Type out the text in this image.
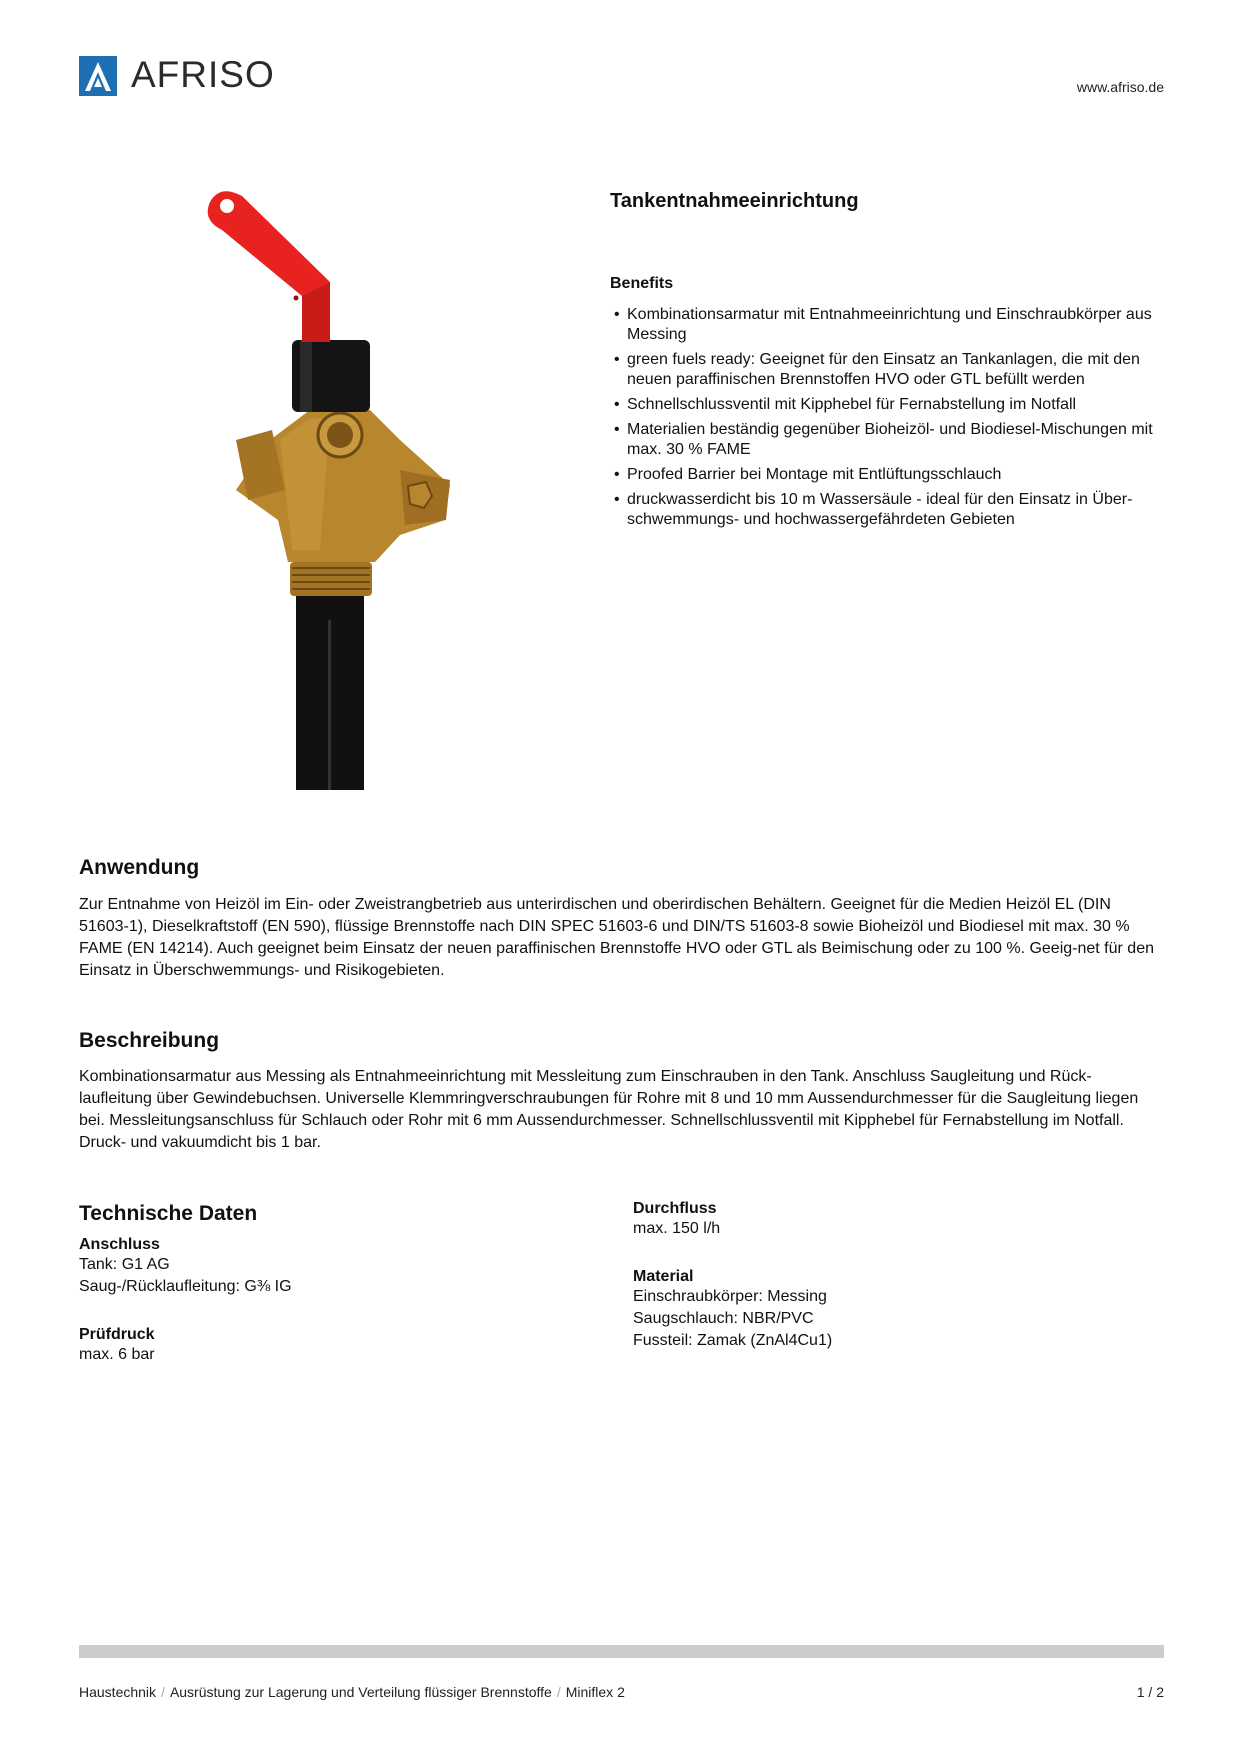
AFRISO	www.afriso.de
Tankentnahmeeinrichtung
Benefits
• Kombinationsarmatur mit Entnahmeeinrichtung und Einschraubkörper aus Messing
• green fuels ready: Geeignet für den Einsatz an Tankanlagen, die mit den neuen paraffinischen Brennstoffen HVO oder GTL befüllt werden
• Schnellschlussventil mit Kipphebel für Fernabstellung im Notfall
• Materialien beständig gegenüber Bioheizöl- und Biodiesel-Mischungen mit max. 30 % FAME
• Proofed Barrier bei Montage mit Entlüftungsschlauch
• druckwasserdicht bis 10 m Wassersäule - ideal für den Einsatz in Über-schwemmungs- und hochwassergefährdeten Gebieten
Anwendung

Zur Entnahme von Heizöl im Ein- oder Zweistrangbetrieb aus unterirdischen und oberirdischen Behältern. Geeignet für die Medien Heizöl EL (DIN 51603-1), Dieselkraftstoff (EN 590), flüssige Brennstoffe nach DIN SPEC 51603-6 und DIN/TS 51603-8 sowie Bioheizöl und Biodiesel mit max. 30 % FAME (EN 14214). Auch geeignet beim Einsatz der neuen paraffinischen Brennstoffe HVO oder GTL als Beimischung oder zu 100 %. Geeig-net für den Einsatz in Überschwemmungs- und Risikogebieten.

Beschreibung

Kombinationsarmatur aus Messing als Entnahmeeinrichtung mit Messleitung zum Einschrauben in den Tank. Anschluss Saugleitung und Rück-laufleitung über Gewindebuchsen. Universelle Klemmringverschraubungen für Rohre mit 8 und 10 mm Aussendurchmesser für die Saugleitung liegen bei. Messleitungsanschluss für Schlauch oder Rohr mit 6 mm Aussendurchmesser. Schnellschlussventil mit Kipphebel für Fernabstellung im Notfall. Druck- und vakuumdicht bis 1 bar.

Technische Daten
Anschluss
Tank: G1 AG
Saug-/Rücklaufleitung: G⅜ IG
Prüfdruck
max. 6 bar
Durchfluss
max. 150 l/h
Material
Einschraubkörper: Messing
Saugschlauch: NBR/PVC
Fussteil: Zamak (ZnAl4Cu1)
Haustechnik / Ausrüstung zur Lagerung und Verteilung flüssiger Brennstoffe / Miniflex 2	1 / 2
